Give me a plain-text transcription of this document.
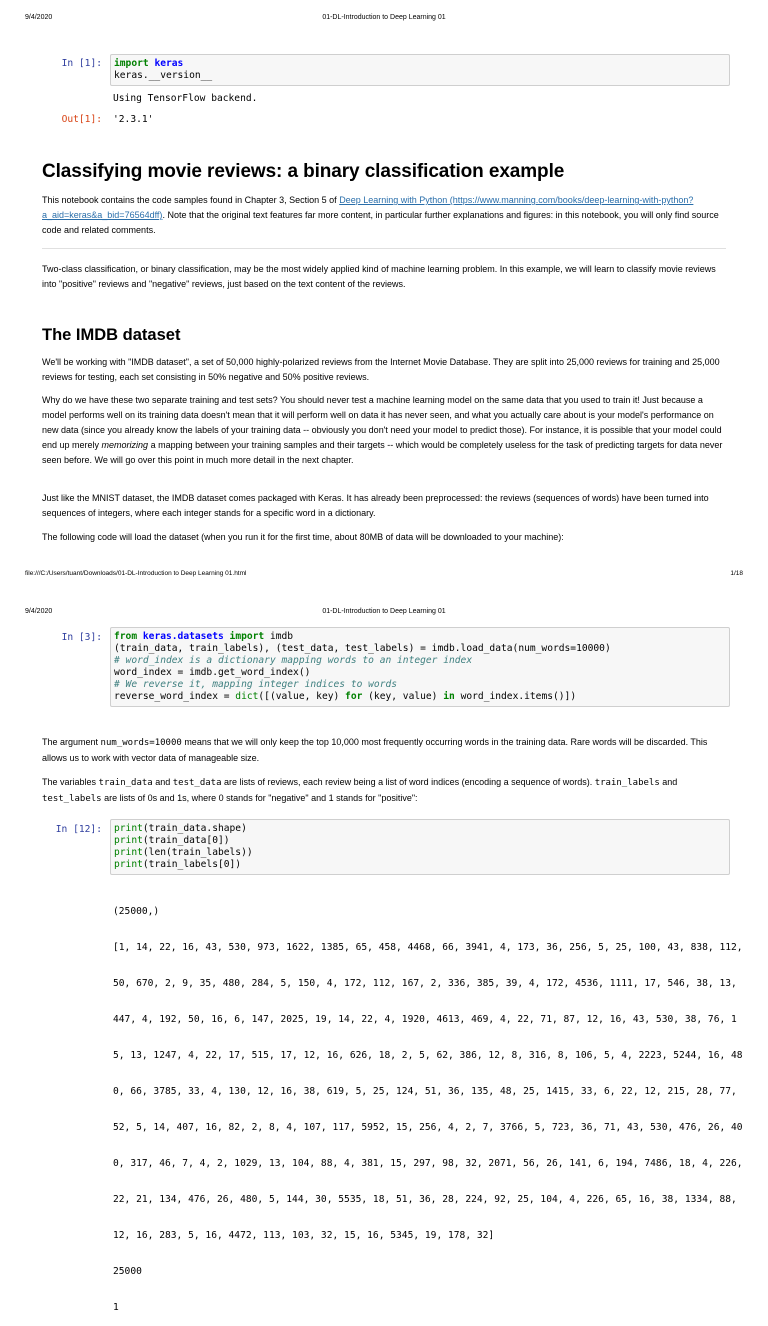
9/4/2020	01-DL-Introduction to Deep Learning 01
In [1]: import keras
keras.__version__
Using TensorFlow backend.
Out[1]: '2.3.1'
Classifying movie reviews: a binary classification example
This notebook contains the code samples found in Chapter 3, Section 5 of Deep Learning with Python (https://www.manning.com/books/deep-learning-with-python?a_aid=keras&a_bid=76564dff). Note that the original text features far more content, in particular further explanations and figures: in this notebook, you will only find source code and related comments.
Two-class classification, or binary classification, may be the most widely applied kind of machine learning problem. In this example, we will learn to classify movie reviews into "positive" reviews and "negative" reviews, just based on the text content of the reviews.
The IMDB dataset
We'll be working with "IMDB dataset", a set of 50,000 highly-polarized reviews from the Internet Movie Database. They are split into 25,000 reviews for training and 25,000 reviews for testing, each set consisting in 50% negative and 50% positive reviews.
Why do we have these two separate training and test sets? You should never test a machine learning model on the same data that you used to train it! Just because a model performs well on its training data doesn't mean that it will perform well on data it has never seen, and what you actually care about is your model's performance on new data (since you already know the labels of your training data -- obviously you don't need your model to predict those). For instance, it is possible that your model could end up merely memorizing a mapping between your training samples and their targets -- which would be completely useless for the task of predicting targets for data never seen before. We will go over this point in much more detail in the next chapter.
Just like the MNIST dataset, the IMDB dataset comes packaged with Keras. It has already been preprocessed: the reviews (sequences of words) have been turned into sequences of integers, where each integer stands for a specific word in a dictionary.
The following code will load the dataset (when you run it for the first time, about 80MB of data will be downloaded to your machine):
file:///C:/Users/tuant/Downloads/01-DL-Introduction to Deep Learning 01.html	1/18
9/4/2020	01-DL-Introduction to Deep Learning 01
In [3]: from keras.datasets import imdb
(train_data, train_labels), (test_data, test_labels) = imdb.load_data(num_words=10000)
# word_index is a dictionary mapping words to an integer index
word_index = imdb.get_word_index()
# We reverse it, mapping integer indices to words
reverse_word_index = dict([(value, key) for (key, value) in word_index.items()])
The argument num_words=10000 means that we will only keep the top 10,000 most frequently occurring words in the training data. Rare words will be discarded. This allows us to work with vector data of manageable size.
The variables train_data and test_data are lists of reviews, each review being a list of word indices (encoding a sequence of words). train_labels and test_labels are lists of 0s and 1s, where 0 stands for "negative" and 1 stands for "positive":
In [12]: print(train_data.shape)
print(train_data[0])
print(len(train_labels))
print(train_labels[0])

(25000,)

[1, 14, 22, 16, 43, 530, 973, 1622, 1385, 65, 458, 4468, 66, 3941, 4, 173, 36, 256, 5, 25, 100, 43, 838, 112,

50, 670, 2, 9, 35, 480, 284, 5, 150, 4, 172, 112, 167, 2, 336, 385, 39, 4, 172, 4536, 1111, 17, 546, 38, 13,

447, 4, 192, 50, 16, 6, 147, 2025, 19, 14, 22, 4, 1920, 4613, 469, 4, 22, 71, 87, 12, 16, 43, 530, 38, 76, 1

5, 13, 1247, 4, 22, 17, 515, 17, 12, 16, 626, 18, 2, 5, 62, 386, 12, 8, 316, 8, 106, 5, 4, 2223, 5244, 16, 48

0, 66, 3785, 33, 4, 130, 12, 16, 38, 619, 5, 25, 124, 51, 36, 135, 48, 25, 1415, 33, 6, 22, 12, 215, 28, 77,

52, 5, 14, 407, 16, 82, 2, 8, 4, 107, 117, 5952, 15, 256, 4, 2, 7, 3766, 5, 723, 36, 71, 43, 530, 476, 26, 40

0, 317, 46, 7, 4, 2, 1029, 13, 104, 88, 4, 381, 15, 297, 98, 32, 2071, 56, 26, 141, 6, 194, 7486, 18, 4, 226,

22, 21, 134, 476, 26, 480, 5, 144, 30, 5535, 18, 51, 36, 28, 224, 92, 25, 104, 4, 226, 65, 16, 38, 1334, 88,

12, 16, 283, 5, 16, 4472, 113, 103, 32, 15, 16, 5345, 19, 178, 32]

25000

1
